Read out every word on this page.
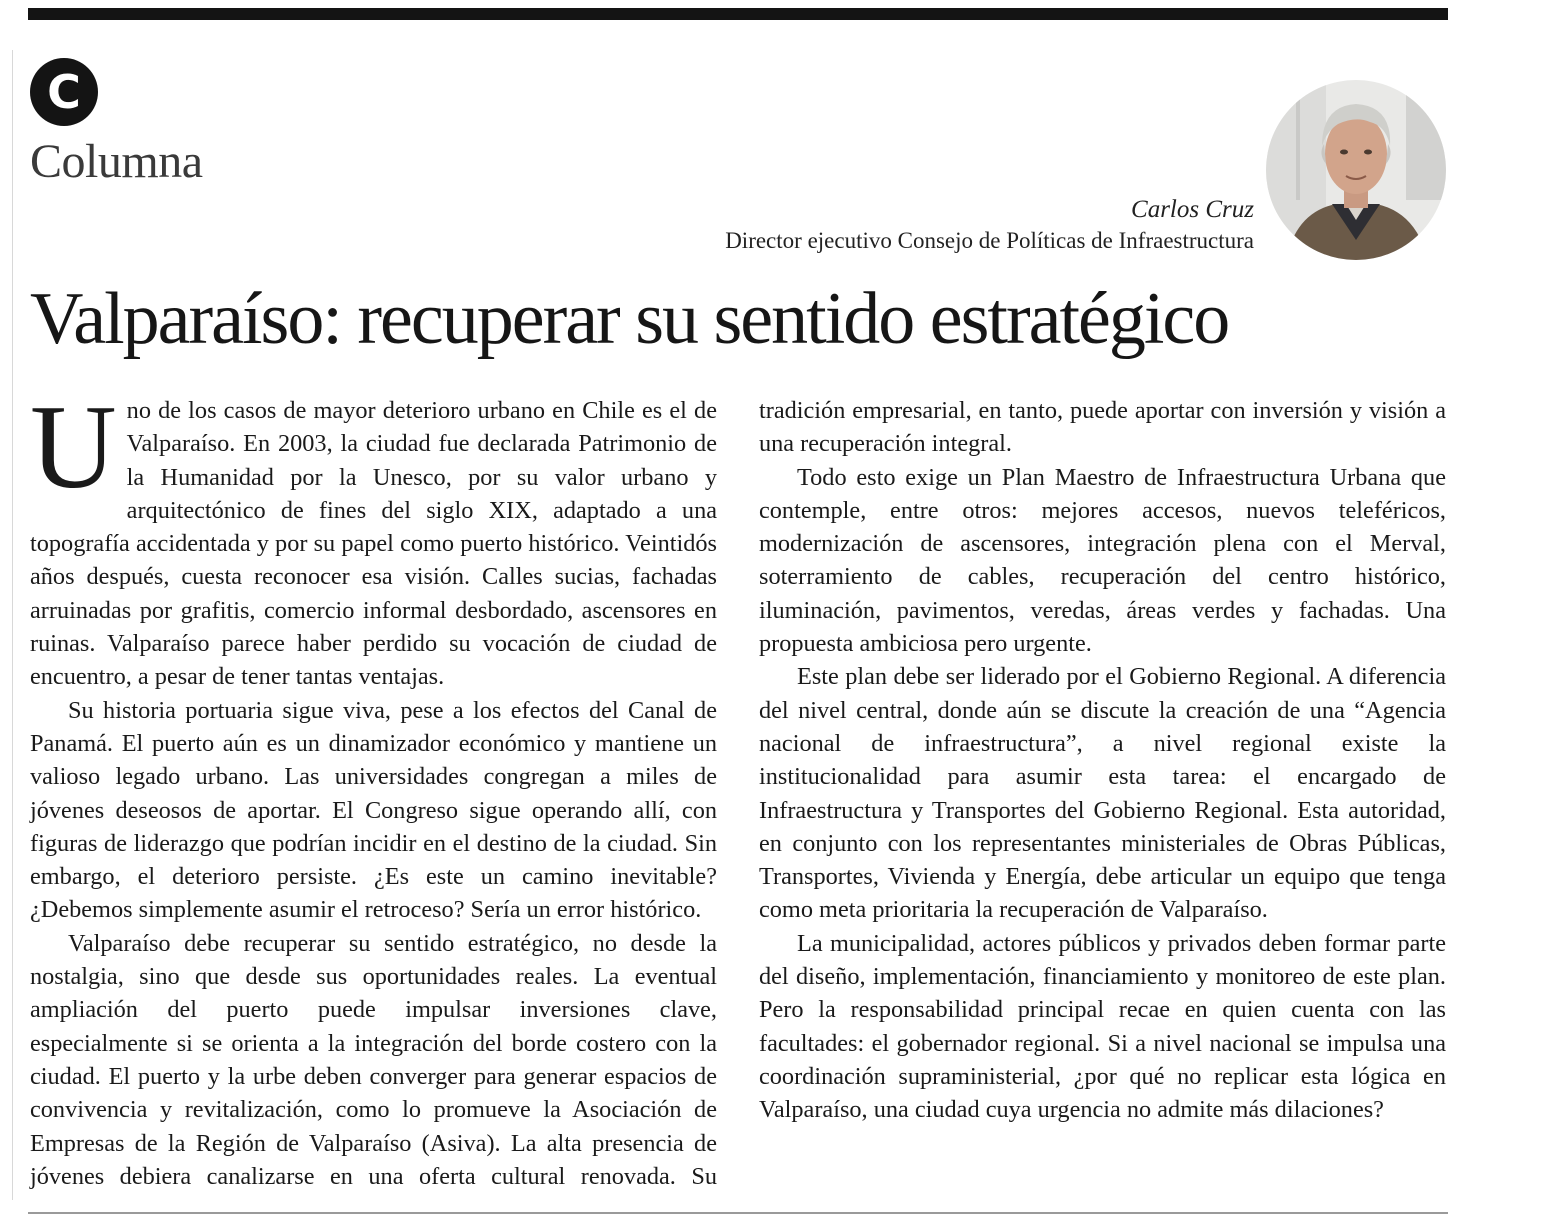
C
Columna
Carlos Cruz
Director ejecutivo Consejo de Políticas de Infraestructura
Valparaíso: recuperar su sentido estratégico

Uno de los casos de mayor deterioro urbano en Chile es el de Valparaíso. En 2003, la ciudad fue declarada Patrimonio de la Humanidad por la Unesco, por su valor urbano y arquitectónico de fines del siglo XIX, adaptado a una topografía accidentada y por su papel como puerto histórico. Veintidós años después, cuesta reconocer esa visión. Calles sucias, fachadas arruinadas por grafitis, comercio informal desbordado, ascensores en ruinas. Valparaíso parece haber perdido su vocación de ciudad de encuentro, a pesar de tener tantas ventajas.

Su historia portuaria sigue viva, pese a los efectos del Canal de Panamá. El puerto aún es un dinamizador económico y mantiene un valioso legado urbano. Las universidades congregan a miles de jóvenes deseosos de aportar. El Congreso sigue operando allí, con figuras de liderazgo que podrían incidir en el destino de la ciudad. Sin embargo, el deterioro persiste. ¿Es este un camino inevitable? ¿Debemos simplemente asumir el retroceso? Sería un error histórico.

Valparaíso debe recuperar su sentido estratégico, no desde la nostalgia, sino que desde sus oportunidades reales. La eventual ampliación del puerto puede impulsar inversiones clave, especialmente si se orienta a la integración del borde costero con la ciudad. El puerto y la urbe deben converger para generar espacios de convivencia y revitalización, como lo promueve la Asociación de Empresas de la Región de Valparaíso (Asiva). La alta presencia de jóvenes debiera canalizarse en una oferta cultural renovada. Su tradición empresarial, en tanto, puede aportar con inversión y visión a una recuperación integral.

Todo esto exige un Plan Maestro de Infraestructura Urbana que contemple, entre otros: mejores accesos, nuevos teleféricos, modernización de ascensores, integración plena con el Merval, soterramiento de cables, recuperación del centro histórico, iluminación, pavimentos, veredas, áreas verdes y fachadas. Una propuesta ambiciosa pero urgente.

Este plan debe ser liderado por el Gobierno Regional. A diferencia del nivel central, donde aún se discute la creación de una “Agencia nacional de infraestructura”, a nivel regional existe la institucionalidad para asumir esta tarea: el encargado de Infraestructura y Transportes del Gobierno Regional. Esta autoridad, en conjunto con los representantes ministeriales de Obras Públicas, Transportes, Vivienda y Energía, debe articular un equipo que tenga como meta prioritaria la recuperación de Valparaíso.

La municipalidad, actores públicos y privados deben formar parte del diseño, implementación, financiamiento y monitoreo de este plan. Pero la responsabilidad principal recae en quien cuenta con las facultades: el gobernador regional. Si a nivel nacional se impulsa una coordinación supraministerial, ¿por qué no replicar esta lógica en Valparaíso, una ciudad cuya urgencia no admite más dilaciones?
